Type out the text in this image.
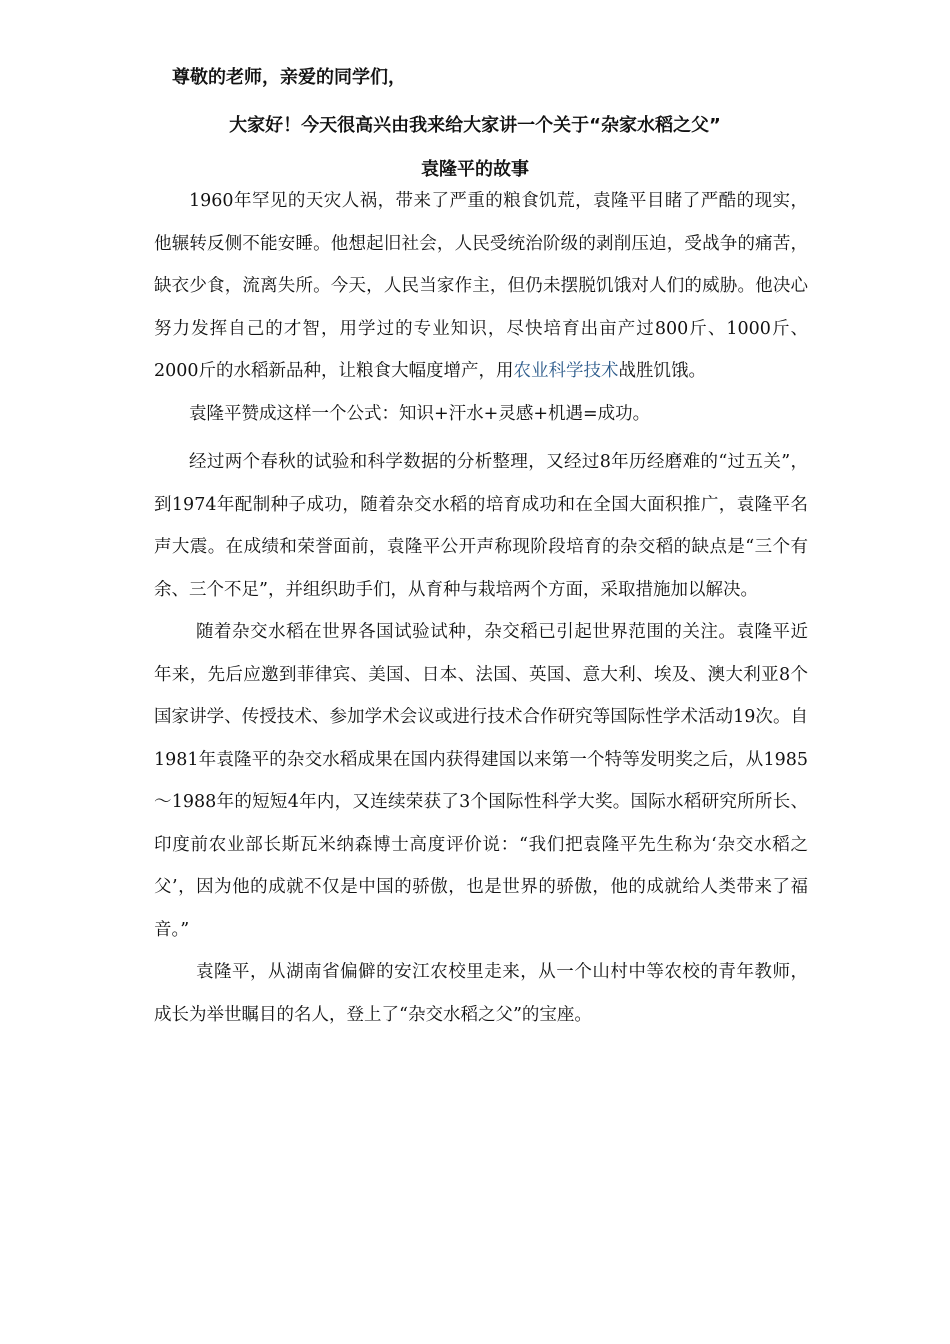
尊敬的老师，亲爱的同学们，
大家好！今天很高兴由我来给大家讲一个关于“杂家水稻之父”
袁隆平的故事

1960年罕见的天灾人祸，带来了严重的粮食饥荒，袁隆平目睹了严酷的现实，他辗转反侧不能安睡。他想起旧社会，人民受统治阶级的剥削压迫，受战争的痛苦，缺衣少食，流离失所。今天，人民当家作主，但仍未摆脱饥饿对人们的威胁。他决心努力发挥自己的才智，用学过的专业知识，尽快培育出亩产过800斤、1000斤、2000斤的水稻新品种，让粮食大幅度增产，用农业科学技术战胜饥饿。

袁隆平赞成这样一个公式：知识+汗水+灵感+机遇=成功。

经过两个春秋的试验和科学数据的分析整理，又经过8年历经磨难的“过五关”，到1974年配制种子成功，随着杂交水稻的培育成功和在全国大面积推广，袁隆平名声大震。在成绩和荣誉面前，袁隆平公开声称现阶段培育的杂交稻的缺点是“三个有余、三个不足”，并组织助手们，从育种与栽培两个方面，采取措施加以解决。

随着杂交水稻在世界各国试验试种，杂交稻已引起世界范围的关注。袁隆平近年来，先后应邀到菲律宾、美国、日本、法国、英国、意大利、埃及、澳大利亚8个国家讲学、传授技术、参加学术会议或进行技术合作研究等国际性学术活动19次。自1981年袁隆平的杂交水稻成果在国内获得建国以来第一个特等发明奖之后，从1985～1988年的短短4年内，又连续荣获了3个国际性科学大奖。国际水稻研究所所长、印度前农业部长斯瓦米纳森博士高度评价说：“我们把袁隆平先生称为‘杂交水稻之父’，因为他的成就不仅是中国的骄傲，也是世界的骄傲，他的成就给人类带来了福音。”

袁隆平，从湖南省偏僻的安江农校里走来，从一个山村中等农校的青年教师，成长为举世瞩目的名人，登上了“杂交水稻之父”的宝座。
